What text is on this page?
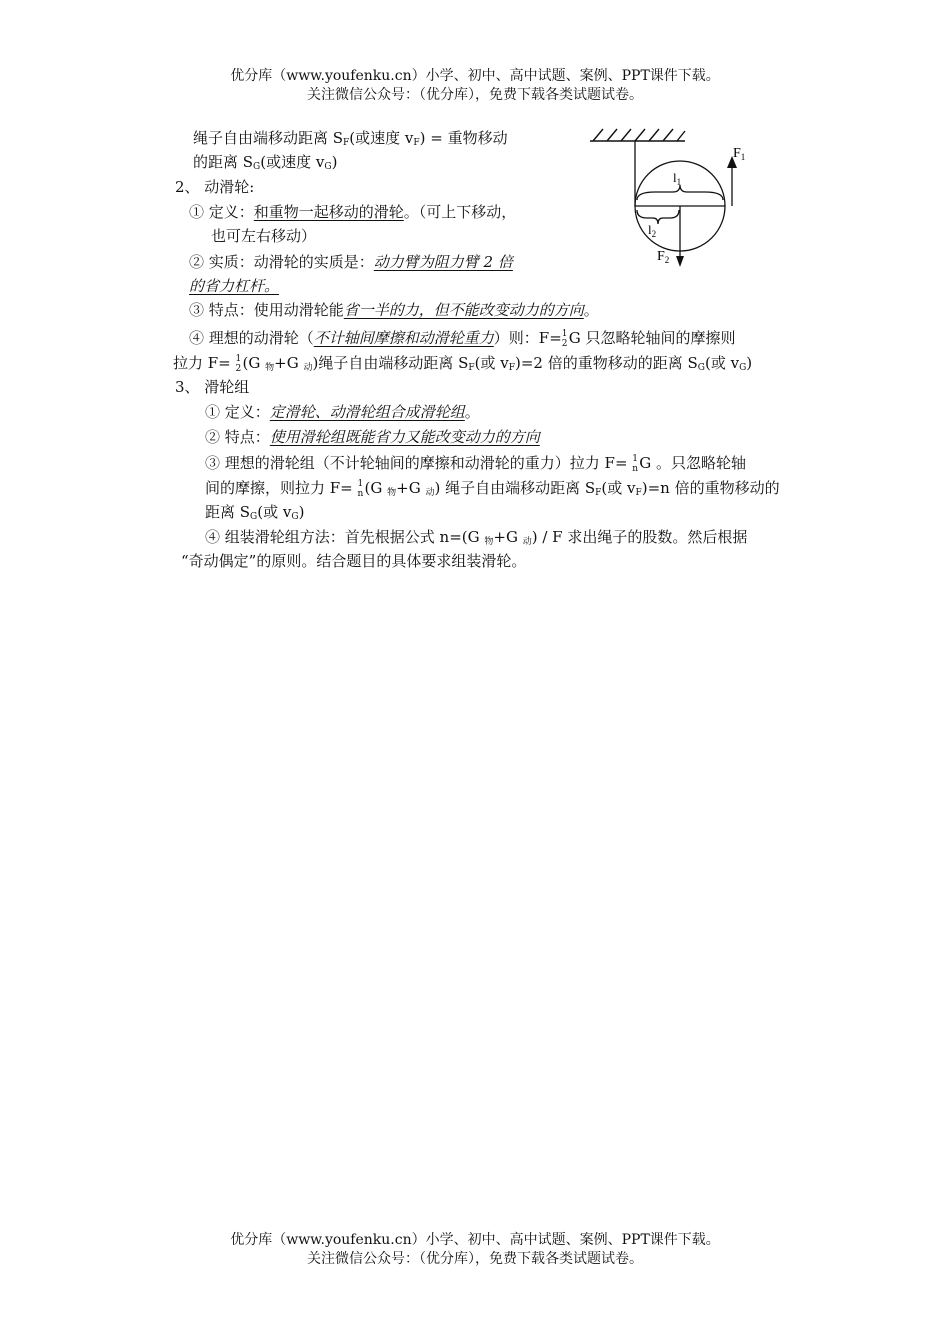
优分库（www.youfenku.cn）小学、初中、高中试题、案例、PPT课件下载。
关注微信公众号：（优分库），免费下载各类试题试卷。
绳子自由端移动距离 $S_F$(或速度 $v_F$) = 重物移动
的距离 $S_G$(或速度 $v_G$)	$F_1$
$l_1$
$l_2$
$F_2$
2、 动滑轮:
① 定义：和重物一起移动的滑轮。（可上下移动，
也可左右移动）
② 实质：动滑轮的实质是：动力臂为阻力臂 2 倍
的省力杠杆。
③ 特点：使用动滑轮能省一半的力，但不能改变动力的方向。
④ 理想的动滑轮（不计轴间摩擦和动滑轮重力）则：F=1
2 G 只忽略轮轴间的摩擦则
拉力 F= 1
2 (G $_物$+G $_动$)绳子自由端移动距离 $S_F$(或 $v_F)=2$ 倍的重物移动的距离 $S_G$(或 $v_G$)
3、 滑轮组
① 定义：定滑轮、动滑轮组合成滑轮组。
② 特点：使用滑轮组既能省力又能改变动力的方向
③ 理想的滑轮组（不计轮轴间的摩擦和动滑轮的重力）拉力 F= 1
n G 。只忽略轮轴
间的摩擦，则拉力 F= 1
n (G $_物$+G $_动$) 绳子自由端移动距离 $S_F$(或 $v_F)=n$ 倍的重物移动的
距离 $S_G$(或 $v_G$)
④ 组装滑轮组方法：首先根据公式 n=(G $_物$+G $_动$) / F 求出绳子的股数。然后根据
“奇动偶定”的原则。结合题目的具体要求组装滑轮。
优分库（www.youfenku.cn）小学、初中、高中试题、案例、PPT课件下载。
关注微信公众号：（优分库），免费下载各类试题试卷。
